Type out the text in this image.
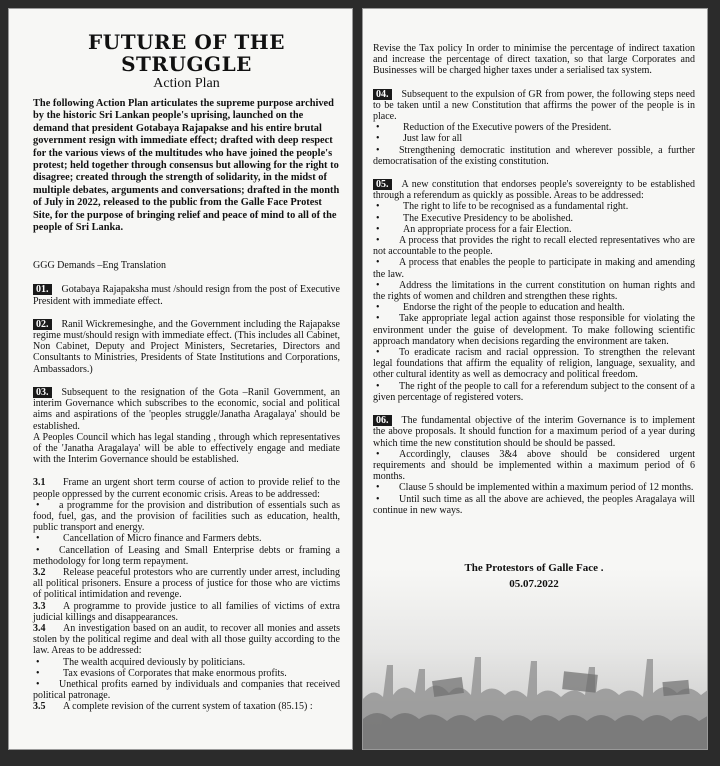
FUTURE OF THE STRUGGLE
Action Plan

The following Action Plan articulates the supreme purpose archived by the historic Sri Lankan people's uprising, launched on the demand that president Gotabaya Rajapakse and his entire brutal government resign with immediate effect; drafted with deep respect for the various views of the multitudes who have joined the people's protest; held together through consensus but allowing for the right to disagree; created through the strength of solidarity, in the midst of multiple debates, arguments and conversations; drafted in the month of July in 2022, released to the public from the Galle Face Protest Site, for the purpose of bringing relief and peace of mind to all of the people of Sri Lanka.

GGG Demands –Eng Translation

01. Gotabaya Rajapaksha must /should resign from the post of Executive President with immediate effect.

02. Ranil Wickremesinghe, and the Government including the Rajapakse regime must/should resign with immediate effect. (This includes all Cabinet, Non Cabinet, Deputy and Project Ministers, Secretaries, Directors and Consultants to Ministries, Presidents of State Institutions and Corporations, Ambassadors.)

03. Subsequent to the resignation of the Gota –Ranil Government, an interim Governance which subscribes to the economic, social and political aims and aspirations of the 'peoples struggle/Janatha Aragalaya' should be established.

A Peoples Council which has legal standing , through which representatives of the 'Janatha Aragalaya' will be able to effectively engage and mediate with the Interim Governance should be established.

3.1 Frame an urgent short term course of action to provide relief to the people oppressed by the current economic crisis. Areas to be addressed:

• a programme for the provision and distribution of essentials such as food, fuel, gas, and the provision of facilities such as education, health, public transport and energy.

• Cancellation of Micro finance and Farmers debts.

• Cancellation of Leasing and Small Enterprise debts or framing a methodology for long term repayment.

3.2 Release peaceful protestors who are currently under arrest, including all political prisoners. Ensure a process of justice for those who are victims of political intimidation and revenge.

3.3 A programme to provide justice to all families of victims of extra judicial killings and disappearances.

3.4 An investigation based on an audit, to recover all monies and assets stolen by the political regime and deal with all those guilty according to the law. Areas to be addressed:

• The wealth acquired deviously by politicians.

• Tax evasions of Corporates that make enormous profits.

• Unethical profits earned by individuals and companies that received political patronage.

3.5 A complete revision of the current system of taxation (85.15) :

Revise the Tax policy In order to minimise the percentage of indirect taxation and increase the percentage of direct taxation, so that large Corporates and Businesses will be charged higher taxes under a serialised tax system.

04. Subsequent to the expulsion of GR from power, the following steps need to be taken until a new Constitution that affirms the power of the people is in place.

• Reduction of the Executive powers of the President.

• Just law for all

• Strengthening democratic institution and wherever possible, a further democratisation of the existing constitution.

05. A new constitution that endorses people's sovereignty to be established through a referendum as quickly as possible. Areas to be addressed:

• The right to life to be recognised as a fundamental right.

• The Executive Presidency to be abolished.

• An appropriate process for a fair Election.

• A process that provides the right to recall elected representatives who are not accountable to the people.

• A process that enables the people to participate in making and amending the law.

• Address the limitations in the current constitution on human rights and the rights of women and children and strengthen these rights.

• Endorse the right of the people to education and health.

• Take appropriate legal action against those responsible for violating the environment under the guise of development. To make following scientific approach mandatory when decisions regarding the environment are taken.

• To eradicate racism and racial oppression. To strengthen the relevant legal foundations that affirm the equality of religion, language, sexuality, and other cultural identity as well as democracy and political freedom.

• The right of the people to call for a referendum subject to the consent of a given percentage of registered voters.

06. The fundamental objective of the interim Governance is to implement the above proposals. It should function for a maximum period of a year during which time the new constitution should be should be passed.

• Accordingly, clauses 3&4 above should be considered urgent requirements and should be implemented within a maximum period of 6 months.

• Clause 5 should be implemented within a maximum period of 12 months.

• Until such time as all the above are achieved, the peoples Aragalaya will continue in new ways.

The Protestors of Galle Face .
05.07.2022
